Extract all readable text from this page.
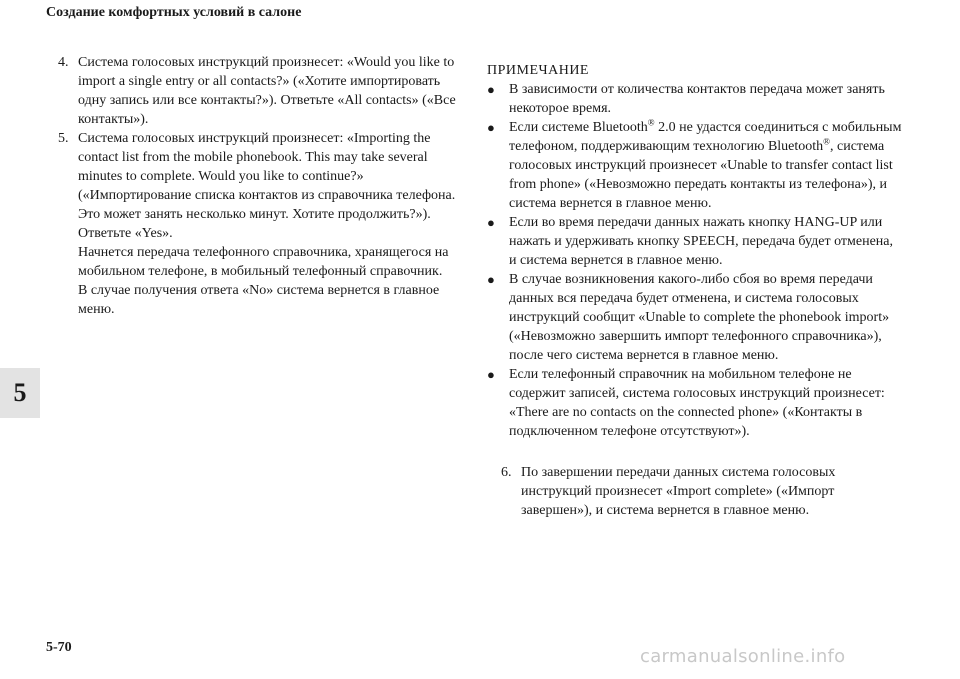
Создание комфортных условий в салоне
5
4. Система голосовых инструкций произнесет: «Would you like to import a single entry or all contacts?» («Хотите импортировать одну запись или все контакты?»). Ответьте «All contacts» («Все контакты»).

5. Система голосовых инструкций произнесет: «Importing the contact list from the mobile phonebook. This may take several minutes to complete. Would you like to continue?» («Импортирование списка контактов из справочника телефона. Это может занять несколько минут. Хотите продолжить?»). Ответьте «Yes».

Начнется передача телефонного справочника, хранящегося на мобильном телефоне, в мобильный телефонный справочник.

В случае получения ответа «No» система вернется в главное меню.

ПРИМЕЧАНИЕ

●	В зависимости от количества контактов передача может занять некоторое время.
●	Если системе Bluetooth® 2.0 не удастся соединиться с мобильным телефоном, поддерживающим технологию Bluetooth®, система голосовых инструкций произнесет «Unable to transfer contact list from phone» («Невозможно передать контакты из телефона»), и система вернется в главное меню.
●	Если во время передачи данных нажать кнопку HANG-UP или нажать и удерживать кнопку SPEECH, передача будет отменена, и система вернется в главное меню.
●	В случае возникновения какого-либо сбоя во время передачи данных вся передача будет отменена, и система голосовых инструкций сообщит «Unable to complete the phonebook import» («Невозможно завершить импорт телефонного справочника»), после чего система вернется в главное меню.
●	Если телефонный справочник на мобильном телефоне не содержит записей, система голосовых инструкций произнесет: «There are no contacts on the connected phone» («Контакты в подключенном телефоне отсутствуют»).
6. По завершении передачи данных система голосовых инструкций произнесет «Import complete» («Импорт завершен»), и система вернется в главное меню.

5-70	carmanualsonline.info
